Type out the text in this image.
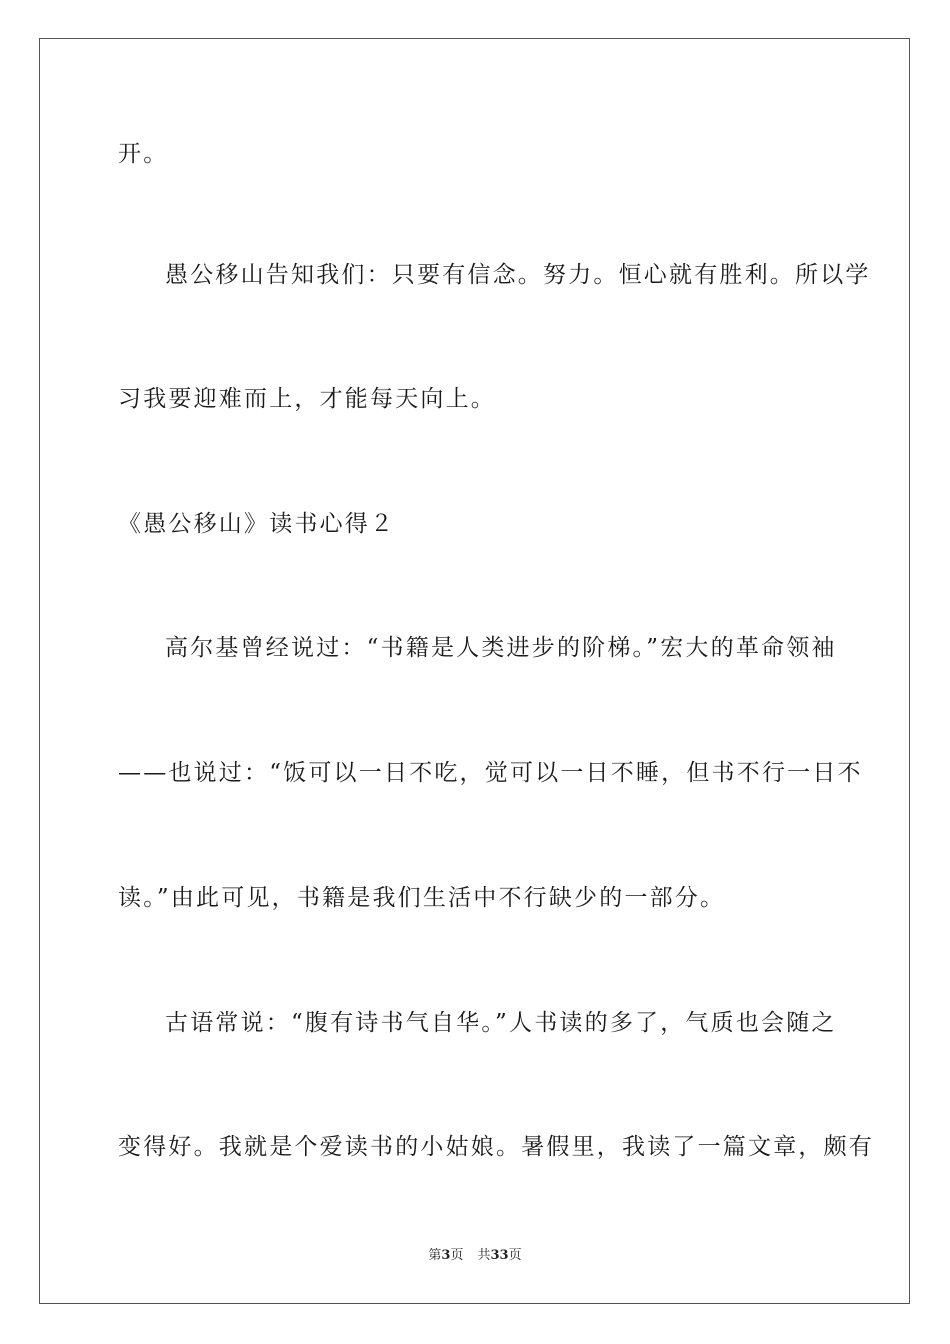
开。
愚公移山告知我们：只要有信念。努力。恒心就有胜利。所以学
习我要迎难而上，才能每天向上。
《愚公移山》读书心得２
高尔基曾经说过：“书籍是人类进步的阶梯。”宏大的革命领袖
——也说过：“饭可以一日不吃，觉可以一日不睡，但书不行一日不
读。”由此可见，书籍是我们生活中不行缺少的一部分。
古语常说：“腹有诗书气自华。”人书读的多了，气质也会随之
变得好。我就是个爱读书的小姑娘。暑假里，我读了一篇文章，颇有
第3页 共33页
